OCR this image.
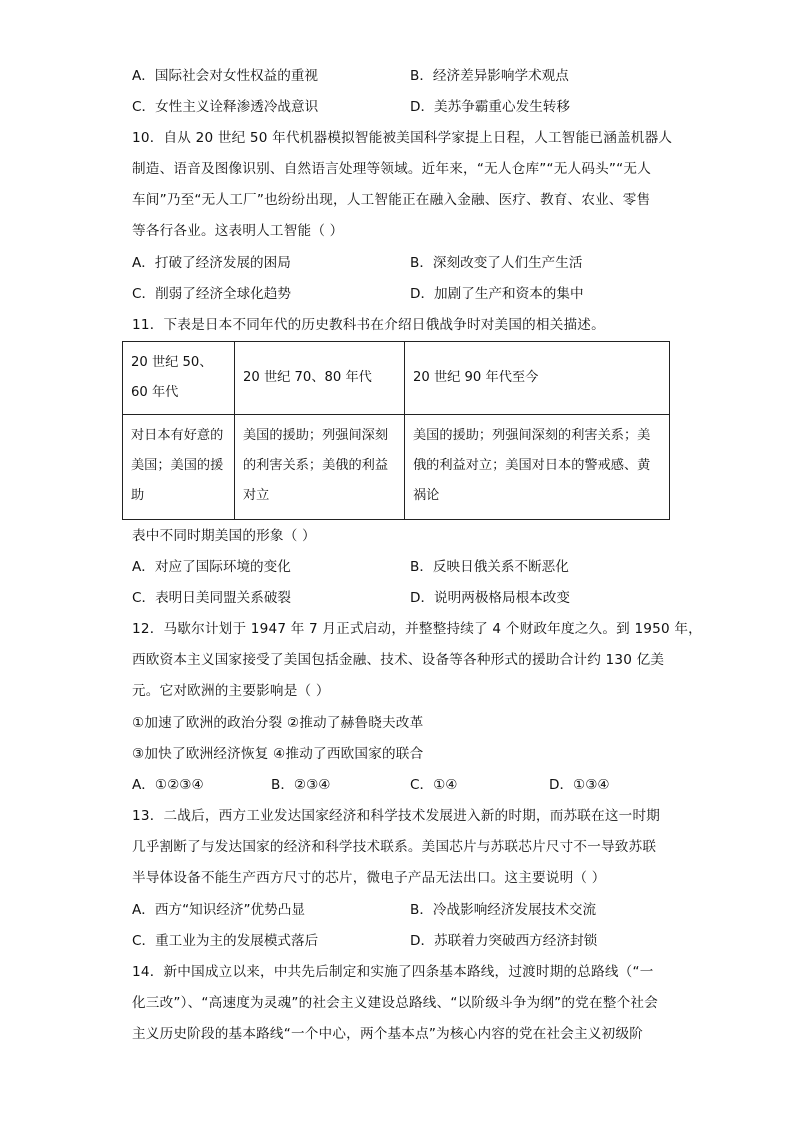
A．国际社会对女性权益的重视	B．经济差异影响学术观点
C．女性主义诠释渗透冷战意识	D．美苏争霸重心发生转移
10．自从 20 世纪 50 年代机器模拟智能被美国科学家提上日程，人工智能已涵盖机器人
制造、语音及图像识别、自然语言处理等领域。近年来，“无人仓库”“无人码头”“无人
车间”乃至“无人工厂”也纷纷出现，人工智能正在融入金融、医疗、教育、农业、零售
等各行各业。这表明人工智能（ ）
A．打破了经济发展的困局	B．深刻改变了人们生产生活
C．削弱了经济全球化趋势	D．加剧了生产和资本的集中
11．下表是日本不同年代的历史教科书在介绍日俄战争时对美国的相关描述。
20 世纪 50、60 年代	20 世纪 70、80 年代	20 世纪 90 年代至今
对日本有好意的美国；美国的援助	美国的援助；列强间深刻的利害关系；美俄的利益对立	美国的援助；列强间深刻的利害关系；美俄的利益对立；美国对日本的警戒感、黄祸论
表中不同时期美国的形象（ ）
A．对应了国际环境的变化	B．反映日俄关系不断恶化
C．表明日美同盟关系破裂	D．说明两极格局根本改变
12．马歇尔计划于 1947 年 7 月正式启动，并整整持续了 4 个财政年度之久。到 1950 年，
西欧资本主义国家接受了美国包括金融、技术、设备等各种形式的援助合计约 130 亿美
元。它对欧洲的主要影响是（ ）
①加速了欧洲的政治分裂 ②推动了赫鲁晓夫改革
③加快了欧洲经济恢复 ④推动了西欧国家的联合
A．①②③④	B．②③④	C．①④	D．①③④
13．二战后，西方工业发达国家经济和科学技术发展进入新的时期，而苏联在这一时期
几乎割断了与发达国家的经济和科学技术联系。美国芯片与苏联芯片尺寸不一导致苏联
半导体设备不能生产西方尺寸的芯片，微电子产品无法出口。这主要说明（ ）
A．西方“知识经济”优势凸显	B．冷战影响经济发展技术交流
C．重工业为主的发展模式落后	D．苏联着力突破西方经济封锁
14．新中国成立以来，中共先后制定和实施了四条基本路线，过渡时期的总路线（“一
化三改”）、“高速度为灵魂”的社会主义建设总路线、“以阶级斗争为纲”的党在整个社会
主义历史阶段的基本路线“一个中心，两个基本点”为核心内容的党在社会主义初级阶
